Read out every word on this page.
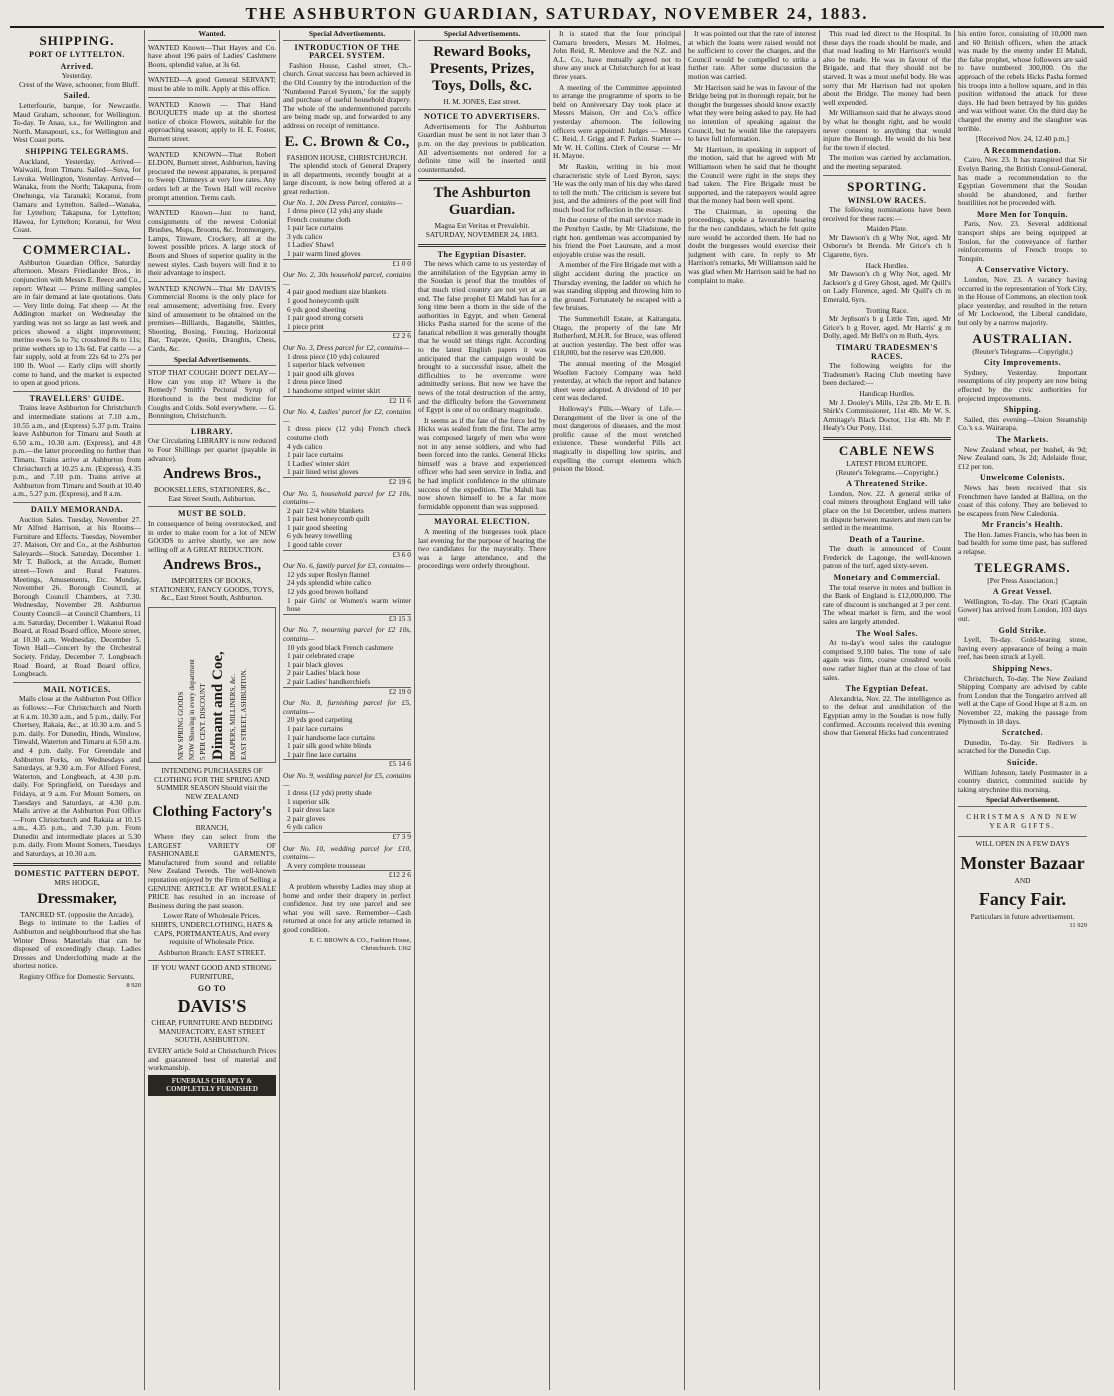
THE ASHBURTON GUARDIAN, SATURDAY, NOVEMBER 24, 1883.
SHIPPING.
PORT OF LYTTELTON.
Arrived.
Yesterday.

Crest of the Wave, schooner, from Bluff.

Sailed.

Letterfourie, barque, for Newcastle. Maud Graham, schooner, for Wellington. To-day. Te Anau, s.s., for Wellington and North. Manapouri, s.s., for Wellington and West Coast ports.

SHIPPING TELEGRAMS.

Auckland, Yesterday. Arrived—Waiwaiti, from Timaru. Sailed—Suva, for Levuka. Wellington, Yesterday. Arrived—Wanaka, from the North; Takapuna, from Onehunga, via Taranaki; Koranui, from Oamaru and Lyttelton. Sailed—Wanaka, for Lyttelton; Takapuna, for Lyttelton; Hawea, for Lyttelton; Koranui, for West Coast.

COMMERCIAL.

Ashburton Guardian Office, Saturday afternoon. Messrs Friedlander Bros., in conjunction with Messrs E. Reece and Co., report: Wheat — Prime milling samples are in fair demand at late quotations. Oats — Very little doing. Fat sheep — At the Addington market on Wednesday the yarding was not so large as last week and prices showed a slight improvement; merino ewes 5s to 7s; crossbred 8s to 11s; prime wethers up to 13s 6d. Fat cattle — a fair supply, sold at from 22s 6d to 27s per 100 lb. Wool — Early clips will shortly come to hand, and the market is expected to open at good prices.

TRAVELLERS' GUIDE.

Trains leave Ashburton for Christchurch and intermediate stations at 7.10 a.m., 10.55 a.m., and (Express) 5.37 p.m. Trains leave Ashburton for Timaru and South at 6.50 a.m., 10.30 a.m. (Express), and 4.8 p.m.—the latter proceeding no further than Timaru. Trains arrive at Ashburton from Christchurch at 10.25 a.m. (Express), 4.35 p.m., and 7.10 p.m. Trains arrive at Ashburton from Timaru and South at 10.40 a.m., 5.27 p.m. (Express), and 8 a.m.

DAILY MEMORANDA.

Auction Sales. Tuesday, November 27. Mr Alfred Harrison, at his Rooms—Furniture and Effects. Tuesday, November 27. Maison, Orr and Co., at the Ashburton Saleyards—Stock. Saturday, December 1. Mr T. Bullock, at the Arcade, Burnett street—Town and Rural Features. Meetings, Amusements, Etc. Monday, November 26. Borough Council, at Borough Council Chambers, at 7.30. Wednesday, November 28. Ashburton County Council—at Council Chambers, 11 a.m. Saturday, December 1. Wakanui Road Board, at Road Board office, Moore street, at 10.30 a.m. Wednesday, December 5. Town Hall—Concert by the Orchestral Society. Friday, December 7. Longbeach Road Board, at Road Board office, Longbeach.

MAIL NOTICES.

Mails close at the Ashburton Post Office as follows:—For Christchurch and North at 6 a.m. 10.30 a.m., and 5 p.m., daily. For Chertsey, Rakaia, &c., at 10.30 a.m. and 5 p.m. daily. For Dunedin, Hinds, Winslow, Tinwald, Waterton and Timaru at 6.50 a.m. and 4 p.m. daily. For Greendale and Ashburton Forks, on Wednesdays and Saturdays, at 9.30 a.m. For Alford Forest, Waterton, and Longbeach, at 4.30 p.m. daily. For Springfield, on Tuesdays and Fridays, at 9 a.m. For Mount Somers, on Tuesdays and Saturdays, at 4.30 p.m. Mails arrive at the Ashburton Post Office—From Christchurch and Rakaia at 10.15 a.m., 4.35 p.m., and 7.30 p.m. From Dunedin and intermediate places at 5.30 p.m. daily. From Mount Somers, Tuesdays and Saturdays, at 10.30 a.m.

DOMESTIC PATTERN DEPOT.
MRS HODGE,
Dressmaker,
TANCRED ST. (opposite the Arcade),

Begs to intimate to the Ladies of Ashburton and neighbourhood that she has Winter Dress Materials that can be disposed of exceedingly cheap. Ladies Dresses and Underclothing made at the shortest notice.

Registry Office for Domestic Servants.
8 920
Wanted.

WANTED Known—That Hayes and Co. have about 196 pairs of Ladies' Cashmere Boots, splendid value, at 3s 6d.

WANTED—A good General SERVANT; must be able to milk. Apply at this office.

WANTED Known — That Hand BOUQUETS made up at the shortest notice of choice Flowers, suitable for the approaching season; apply to H. E. Foster, Burnett street.

WANTED KNOWN—That Robert ELDON, Burnett street, Ashburton, having procured the newest apparatus, is prepared to Sweep Chimneys at very low rates. Any orders left at the Town Hall will receive prompt attention. Terms cash.

WANTED Known—Just to hand, consignments of the newest Colonial Brushes, Mops, Brooms, &c. Ironmongery, Lamps, Tinware, Crockery, all at the lowest possible prices. A large stock of Boots and Shoes of superior quality in the newest styles. Cash buyers will find it to their advantage to inspect.

WANTED KNOWN—That Mr DAVIS'S Commercial Rooms is the only place for real amusement; advertising free. Every kind of amusement to be obtained on the premises—Billiards, Bagatelle, Skittles, Shooting, Boxing, Fencing, Horizontal Bar, Trapeze, Quoits, Draughts, Chess, Cards, &c.

Special Advertisements.

STOP THAT COUGH! DON'T DELAY—How can you stop it? Where is the Remedy? Smith's Pectoral Syrup of Horehound is the best medicine for Coughs and Colds. Sold everywhere. — G. Bonnington, Christchurch.

LIBRARY.

Our Circulating LIBRARY is now reduced to Four Shillings per quarter (payable in advance).

Andrews Bros.,
BOOKSELLERS, STATIONERS, &c., East Street South, Ashburton.
MUST BE SOLD.

In consequence of being overstocked, and in order to make room for a lot of NEW GOODS to arrive shortly, we are now selling off at A GREAT REDUCTION.

Andrews Bros.,
IMPORTERS OF BOOKS, STATIONERY, FANCY GOODS, TOYS, &c., East Street South, Ashburton.
NEW SPRING GOODS NOW Showing in every department 5 PER CENT. DISCOUNT Dimant and Coe, DRAPERS, MILLINERS, &c. EAST STREET, ASHBURTON.

INTENDING PURCHASERS OF CLOTHING FOR THE SPRING AND SUMMER SEASON Should visit the NEW ZEALAND

Clothing Factory's
BRANCH,

Where they can select from the LARGEST VARIETY OF FASHIONABLE GARMENTS, Manufactured from sound and reliable New Zealand Tweeds. The well-known reputation enjoyed by the Firm of Selling a GENUINE ARTICLE AT WHOLESALE PRICE has resulted in an increase of Business during the past season.

Lower Rate of Wholesale Prices.

SHIRTS, UNDERCLOTHING, HATS & CAPS, PORTMANTEAUS, And every requisite of Wholesale Price.

Ashburton Branch: EAST STREET.

IF YOU WANT GOOD AND STRONG FURNITURE,

GO TO
DAVIS'S

CHEAP, FURNITURE AND BEDDING MANUFACTORY, EAST STREET SOUTH, ASHBURTON.

EVERY article Sold at Christchurch Prices and guaranteed best of material and workmanship.

FUNERALS CHEAPLY & COMPLETELY FURNISHED
Special Advertisements.
INTRODUCTION OF THE PARCEL SYSTEM.

Fashion House, Cashel street, Ch.-church. Great success has been achieved in the Old Country by the introduction of the 'Numbered Parcel System,' for the supply and purchase of useful household drapery. The whole of the undermentioned parcels are being made up, and forwarded to any address on receipt of remittance.

E. C. Brown & Co.,
FASHION HOUSE, CHRISTCHURCH.

The splendid stock of General Drapery in all departments, recently bought at a large discount, is now being offered at a great reduction.

Our No. 1, 20s Dress Parcel, contains—
1 dress piece (12 yds) any shade
French costume cloth
1 pair lace curtains
3 yds calico
1 Ladies' Shawl
1 pair warm lined gloves
£1 0 0
Our No. 2, 30s household parcel, contains—
4 pair good medium size blankets
1 good honeycomb quilt
6 yds good sheeting
1 pair good strong corsets
1 piece print
£2 2 6
Our No. 3, Dress parcel for £2, contains—
1 dress piece (10 yds) coloured
1 superior black velveteen
1 pair good silk gloves
1 dress piece lined
1 handsome striped winter skirt
£2 11 6
Our No. 4, Ladies' parcel for £2, contains—
1 dress piece (12 yds) French check costume cloth
4 yds calico
1 pair lace curtains
1 Ladies' winter skirt
1 pair lined wrist gloves
£2 19 6
Our No. 5, household parcel for £2 10s, contains—
2 pair 12/4 white blankets
1 pair best honeycomb quilt
1 pair good sheeting
6 yds heavy towelling
1 good table cover
£3 6 0
Our No. 6, family parcel for £3, contains—
12 yds super Roslyn flannel
24 yds splendid white calico
12 yds good brown holland
1 pair Girls' or Women's warm winter hose
£3 15 3
Our No. 7, mourning parcel for £2 10s, contains—
10 yds good black French cashmere
1 pair celebrated crape
1 pair black gloves
2 pair Ladies' black hose
2 pair Ladies' handkerchiefs
£2 19 0
Our No. 8, furnishing parcel for £5, contains—
20 yds good carpeting
1 pair lace curtains
1 pair handsome lace curtains
1 pair silk good white blinds
1 pair fine lace curtains
£5 14 6
Our No. 9, wedding parcel for £5, contains—
1 dress (12 yds) pretty shade
1 superior silk
1 pair dress lace
2 pair gloves
6 yds calico
£7 3 9
Our No. 10, wedding parcel for £10, contains—
A very complete trousseau
£12 2 6

A problem whereby Ladies may shop at home and order their drapery in perfect confidence. Just try one parcel and see what you will save. Remember—Cash returned at once for any article returned in good condition.

E. C. BROWN & CO., Fashion House, Christchurch. 1362
Special Advertisements.
Reward Books, Presents, Prizes, Toys, Dolls, &c.
H. M. JONES, East street.
NOTICE TO ADVERTISERS.

Advertisements for The Ashburton Guardian must be sent in not later than 3 p.m. on the day previous to publication. All advertisements not ordered for a definite time will be inserted until countermanded.

The Ashburton Guardian.
Magna Est Veritas et Prevalebit.
SATURDAY, NOVEMBER 24, 1883.
The Egyptian Disaster.

The news which came to us yesterday of the annihilation of the Egyptian army in the Soudan is proof that the troubles of that much tried country are not yet at an end. The false prophet El Mahdi has for a long time been a thorn in the side of the authorities in Egypt, and when General Hicks Pasha started for the scene of the fanatical rebellion it was generally thought that he would set things right. According to the latest English papers it was anticipated that the campaign would be brought to a successful issue, albeit the difficulties to be overcome were admittedly serious. But now we have the news of the total destruction of the army, and the difficulty before the Government of Egypt is one of no ordinary magnitude.

It seems as if the fate of the force led by Hicks was sealed from the first. The army was composed largely of men who were not in any sense soldiers, and who had been forced into the ranks. General Hicks himself was a brave and experienced officer who had seen service in India, and he had implicit confidence in the ultimate success of the expedition. The Mahdi has now shown himself to be a far more formidable opponent than was supposed.

MAYORAL ELECTION.

A meeting of the burgesses took place last evening for the purpose of hearing the two candidates for the mayoralty. There was a large attendance, and the proceedings were orderly throughout.

It is stated that the four principal Oamaru breeders, Messrs M. Holmes, John Reid, R. Menlove and the N.Z. and A.L. Co., have mutually agreed not to show any stock at Christchurch for at least three years.

A meeting of the Committee appointed to arrange the programme of sports to be held on Anniversary Day took place at Messrs Maison, Orr and Co.'s office yesterday afternoon. The following officers were appointed: Judges — Messrs C. Reid, J. Grigg and F. Parkin. Starter — Mr W. H. Collins. Clerk of Course — Mr H. Mayne.

Mr Raskin, writing in his most characteristic style of Lord Byron, says: 'He was the only man of his day who dared to tell the truth.' The criticism is severe but just, and the admirers of the poet will find much food for reflection in the essay.

In due course of the mail service made in the Penrhyn Castle, by Mr Gladstone, the right hon. gentleman was accompanied by his friend the Poet Laureate, and a most enjoyable cruise was the result.

A member of the Fire Brigade met with a slight accident during the practice on Thursday evening, the ladder on which he was standing slipping and throwing him to the ground. Fortunately he escaped with a few bruises.

The Summerhill Estate, at Kaitangata, Otago, the property of the late Mr Rutherford, M.H.R. for Bruce, was offered at auction yesterday. The best offer was £18,000, but the reserve was £20,000.

The annual meeting of the Mosgiel Woollen Factory Company was held yesterday, at which the report and balance sheet were adopted. A dividend of 10 per cent was declared.

Holloway's Pills.—Weary of Life.—Derangement of the liver is one of the most dangerous of diseases, and the most prolific cause of the most wretched existence. These wonderful Pills act magically in dispelling low spirits, and expelling the corrupt elements which poison the blood.

It was pointed out that the rate of interest at which the loans were raised would not be sufficient to cover the charges, and the Council would be compelled to strike a further rate. After some discussion the motion was carried.

Mr Harrison said he was in favour of the Bridge being put in thorough repair, but he thought the burgesses should know exactly what they were being asked to pay. He had no intention of speaking against the Council, but he would like the ratepayers to have full information.

Mr Harrison, in speaking in support of the motion, said that he agreed with Mr Williamson when he said that he thought the Council were right in the steps they had taken. The Fire Brigade must be supported, and the ratepayers would agree that the money had been well spent.

The Chairman, in opening the proceedings, spoke a favourable hearing for the two candidates, which he felt quite sure would be accorded them. He had no doubt the burgesses would exercise their judgment with care. In reply to Mr Harrison's remarks, Mr Williamson said he was glad when Mr Harrison said he had no complaint to make.

This road led direct to the Hospital. In these days the roads should be made, and that road leading to Mr Harrison's would also be made. He was in favour of the Brigade, and that they should not be starved. It was a most useful body. He was sorry that Mr Harrison had not spoken about the Bridge. The money had been well expended.

Mr Williamson said that he always stood by what he thought right, and he would never consent to anything that would injure the Borough. He would do his best for the town if elected.

The motion was carried by acclamation, and the meeting separated.

SPORTING.
WINSLOW RACES.

The following nominations have been received for these races:—

Maiden Plate.

Mr Dawson's ch g Why Not, aged. Mr Osborne's bt Brenda. Mr Grice's ch h Cigarette, 6yrs.

Hack Hurdles.

Mr Dawson's ch g Why Not, aged. Mr Jackson's g d Grey Ghost, aged. Mr Quill's on Lady Florence, aged. Mr Quill's ch m Emerald, 6yrs.

Trotting Race.

Mr Jephson's b g Little Tim, aged. Mr Grice's b g Rover, aged. Mr Harris' g m Dolly, aged. Mr Bell's on m Ruth, 4yrs.

TIMARU TRADESMEN'S RACES.

The following weights for the Tradesmen's Racing Club meeting have been declared:—

Handicap Hurdles.

Mr J. Dooley's Mills, 12st 2lb. Mr E. B. Shirk's Commissioner, 11st 4lb. Mr W. S. Armitage's Black Doctor, 11st 4lb. Mr P. Healy's Our Pony, 11st.

CABLE NEWS
LATEST FROM EUROPE.
(Reuter's Telegrams.—Copyright.)
A Threatened Strike.

London, Nov. 22. A general strike of coal miners throughout England will take place on the 1st December, unless matters in dispute between masters and men can be settled in the meantime.

Death of a Taurine.

The death is announced of Count Frederick de Lagonge, the well-known patron of the turf, aged sixty-seven.

Monetary and Commercial.

The total reserve in notes and bullion in the Bank of England is £12,000,000. The rate of discount is unchanged at 3 per cent. The wheat market is firm, and the wool sales are largely attended.

The Wool Sales.

At to-day's wool sales the catalogue comprised 9,100 bales. The tone of sale again was firm, coarse crossbred wools now rather higher than at the close of last sales.

The Egyptian Defeat.

Alexandria, Nov. 22. The intelligence as to the defeat and annihilation of the Egyptian army in the Soudan is now fully confirmed. Accounts received this evening show that General Hicks had concentrated

his entire force, consisting of 10,000 men and 60 British officers, when the attack was made by the enemy under El Mahdi, the false prophet, whose followers are said to have numbered 300,000. On the approach of the rebels Hicks Pasha formed his troops into a hollow square, and in this position withstood the attack for three days. He had been betrayed by his guides and was without water. On the third day he charged the enemy and the slaughter was terrible.

[Received Nov. 24, 12.40 p.m.]
A Recommendation.

Cairo, Nov. 23. It has transpired that Sir Evelyn Baring, the British Consul-General, has made a recommendation to the Egyptian Government that the Soudan should be abandoned, and further hostilities not be proceeded with.

More Men for Tonquin.

Paris, Nov. 23. Several additional transport ships are being equipped at Toulon, for the conveyance of further reinforcements of French troops to Tonquin.

A Conservative Victory.

London, Nov. 23. A vacancy having occurred in the representation of York City, in the House of Commons, an election took place yesterday, and resulted in the return of Mr Lockwood, the Liberal candidate, but only by a narrow majority.

AUSTRALIAN.
(Reuter's Telegrams—Copyright.)
City Improvements.

Sydney, Yesterday. Important resumptions of city property are now being effected by the civic authorities for projected improvements.

Shipping.

Sailed, this evening—Union Steamship Co.'s s.s. Wairarapa.

The Markets.

New Zealand wheat, per bushel, 4s 9d; New Zealand oats, 3s 2d; Adelaide flour, £12 per ton.

Unwelcome Colonists.

News has been received that six Frenchmen have landed at Ballina, on the coast of this colony. They are believed to be escapees from New Caledonia.

Mr Francis's Health.

The Hon. James Francis, who has been in bad health for some time past, has suffered a relapse.

TELEGRAMS.
[Per Press Association.]
A Great Vessel.

Wellington, To-day. The Orari (Captain Gower) has arrived from London, 103 days out.

Gold Strike.

Lyell, To-day. Gold-bearing stone, having every appearance of being a main reef, has been struck at Lyell.

Shipping News.

Christchurch, To-day. The New Zealand Shipping Company are advised by cable from London that the Tongariro arrived all well at the Cape of Good Hope at 8 a.m. on November 22, making the passage from Plymouth in 18 days.

Scratched.

Dunedin, To-day. Sir Redivers is scratched for the Dunedin Cup.

Suicide.

William Johnson, lately Postmaster in a country district, committed suicide by taking strychnine this morning.

Special Advertisement.
CHRISTMAS AND NEW YEAR GIFTS.
WILL OPEN IN A FEW DAYS
Monster Bazaar
AND
Fancy Fair.
Particulars in future advertisement.
11 929
